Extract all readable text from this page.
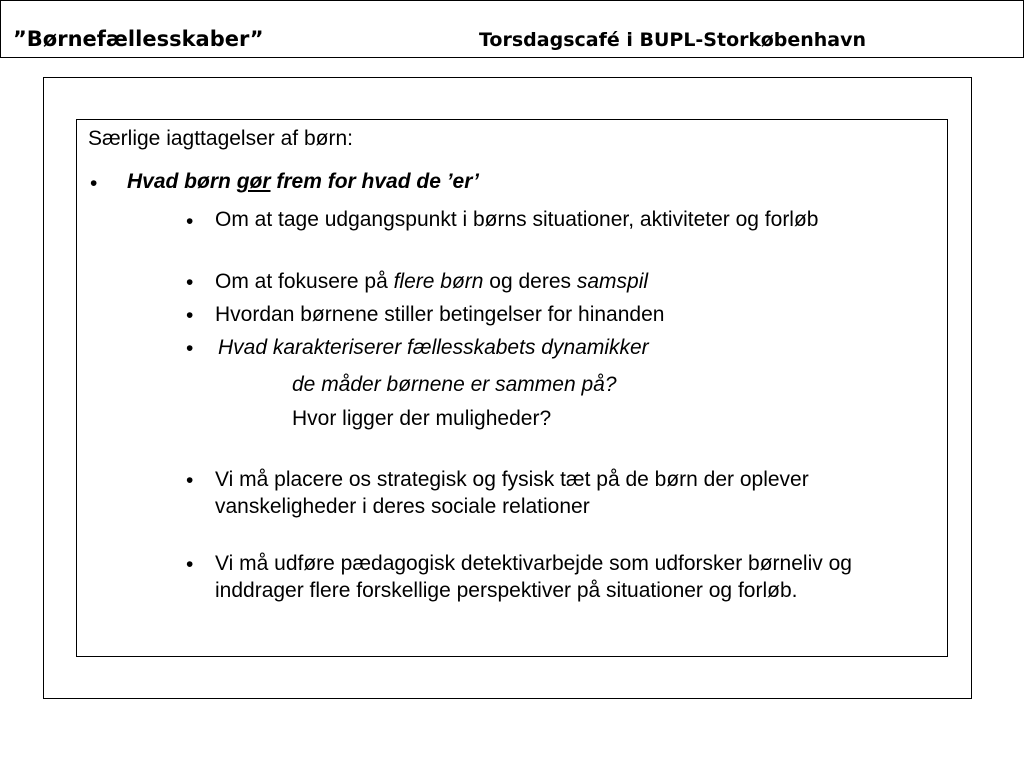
”Børnefællesskaber”	Torsdagscafé i BUPL-Storkøbenhavn
Særlige iagttagelser af børn:
• Hvad børn gør frem for hvad de ’er’
• Om at tage udgangspunkt i børns situationer, aktiviteter og forløb
• Om at fokusere på flere børn og deres samspil
• Hvordan børnene stiller betingelser for hinanden
• Hvad karakteriserer fællesskabets dynamikker
de måder børnene er sammen på?
Hvor ligger der muligheder?
• Vi må placere os strategisk og fysisk tæt på de børn der oplever vanskeligheder i deres sociale relationer
• Vi må udføre pædagogisk detektivarbejde som udforsker børneliv og inddrager flere forskellige perspektiver på situationer og forløb.
